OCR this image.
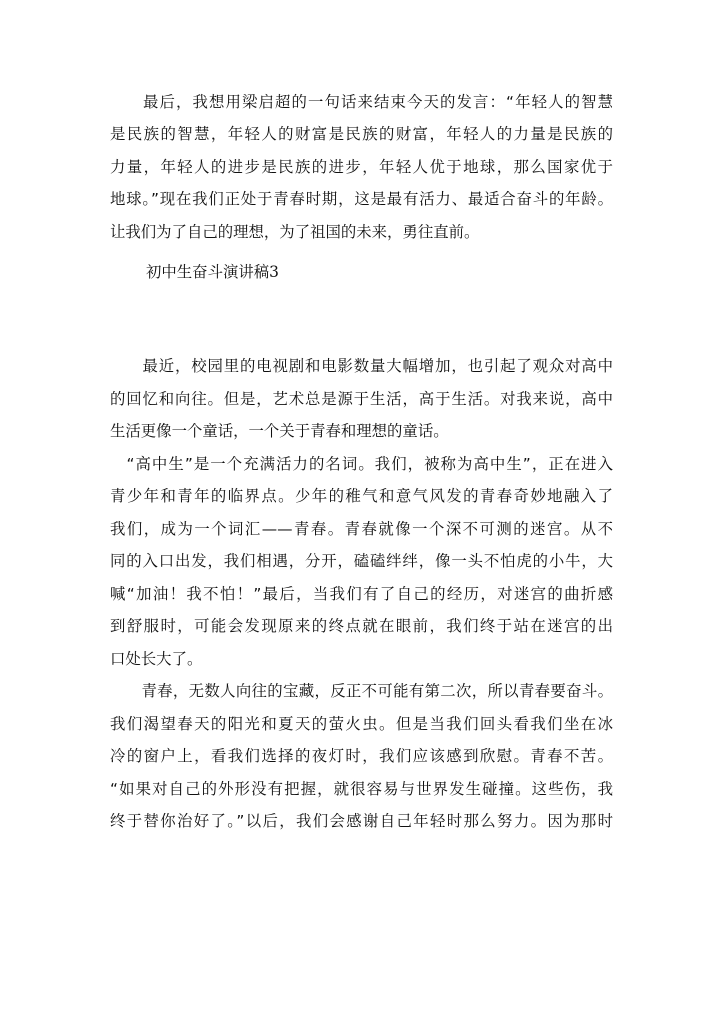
　　最后，我想用梁启超的一句话来结束今天的发言：“年轻人的智慧
是民族的智慧，年轻人的财富是民族的财富，年轻人的力量是民族的
力量，年轻人的进步是民族的进步，年轻人优于地球，那么国家优于
地球。”现在我们正处于青春时期，这是最有活力、最适合奋斗的年龄。
让我们为了自己的理想，为了祖国的未来，勇往直前。
初中生奋斗演讲稿3
　　最近，校园里的电视剧和电影数量大幅增加，也引起了观众对高中
的回忆和向往。但是，艺术总是源于生活，高于生活。对我来说，高中
生活更像一个童话，一个关于青春和理想的童话。
　“高中生”是一个充满活力的名词。我们，被称为高中生”，正在进入
青少年和青年的临界点。少年的稚气和意气风发的青春奇妙地融入了
我们，成为一个词汇——青春。青春就像一个深不可测的迷宫。从不
同的入口出发，我们相遇，分开，磕磕绊绊，像一头不怕虎的小牛，大
喊“加油！我不怕！”最后，当我们有了自己的经历，对迷宫的曲折感
到舒服时，可能会发现原来的终点就在眼前，我们终于站在迷宫的出
口处长大了。
　　青春，无数人向往的宝藏，反正不可能有第二次，所以青春要奋斗。
我们渴望春天的阳光和夏天的萤火虫。但是当我们回头看我们坐在冰
冷的窗户上，看我们选择的夜灯时，我们应该感到欣慰。青春不苦。
“如果对自己的外形没有把握，就很容易与世界发生碰撞。这些伤，我
终于替你治好了。”以后，我们会感谢自己年轻时那么努力。因为那时
